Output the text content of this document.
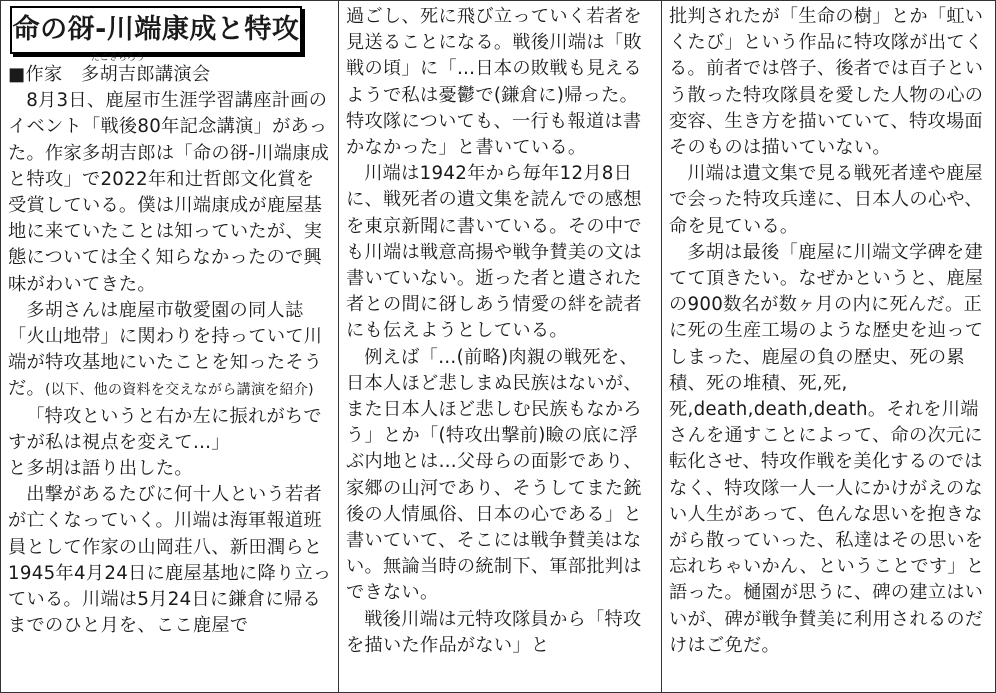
命の谺-川端康成と特攻

■作家　
たごきちろう
多胡吉郎講演会

8月3日、鹿屋市生涯学習講座計画のイベント「戦後80年記念講演」があった。作家多胡吉郎は「命の谺-川端康成と特攻」で2022年和辻哲郎文化賞を受賞している。僕は川端康成が鹿屋基地に来ていたことは知っていたが、実態については全く知らなかったので興味がわいてきた。

多胡さんは鹿屋市敬愛園の同人誌「火山地帯」に関わりを持っていて川端が特攻基地にいたことを知ったそうだ。(以下、他の資料を交えながら講演を紹介)

「特攻というと右か左に振れがちですが私は視点を変えて…」

と多胡は語り出した。

出撃があるたびに何十人という若者が亡くなっていく。川端は海軍報道班員として作家の山岡荘八、新田潤らと1945年4月24日に鹿屋基地に降り立っている。川端は5月24日に鎌倉に帰るまでのひと月を、ここ鹿屋で

過ごし、死に飛び立っていく若者を見送ることになる。戦後川端は「敗戦の頃」に「…日本の敗戦も見えるようで私は憂鬱で(鎌倉に)帰った。特攻隊についても、一行も報道は書かなかった」と書いている。

川端は1942年から毎年12月8日に、戦死者の遺文集を読んでの感想を東京新聞に書いている。その中でも川端は戦意高揚や戦争賛美の文は書いていない。逝った者と遺された者との間に谺しあう情愛の絆を読者にも伝えようとしている。

例えば「…(前略)肉親の戦死を、日本人ほど悲しまぬ民族はないが、また日本人ほど悲しむ民族もなかろう」とか「(特攻出撃前)瞼の底に浮ぶ内地とは…父母らの面影であり、家郷の山河であり、そうしてまた銃後の人情風俗、日本の心である」と書いていて、そこには戦争賛美はない。無論当時の統制下、軍部批判はできない。

戦後川端は元特攻隊員から「特攻を描いた作品がない」と

批判されたが「生命の樹」とか「虹いくたび」という作品に特攻隊が出てくる。前者では啓子、後者では百子という散った特攻隊員を愛した人物の心の変容、生き方を描いていて、特攻場面そのものは描いていない。

川端は遺文集で見る戦死者達や鹿屋で会った特攻兵達に、日本人の心や、命を見ている。

多胡は最後「鹿屋に川端文学碑を建てて頂きたい。なぜかというと、鹿屋の900数名が数ヶ月の内に死んだ。正に死の生産工場のような歴史を辿ってしまった、鹿屋の負の歴史、死の累積、死の堆積、死,死,死,death,death,death。それを川端さんを通すことによって、命の次元に転化させ、特攻作戦を美化するのではなく、特攻隊一人一人にかけがえのない人生があって、色んな思いを抱きながら散っていった、私達はその思いを忘れちゃいかん、ということです」と語った。樋園が思うに、碑の建立はいいが、碑が戦争賛美に利用されるのだけはご免だ。
